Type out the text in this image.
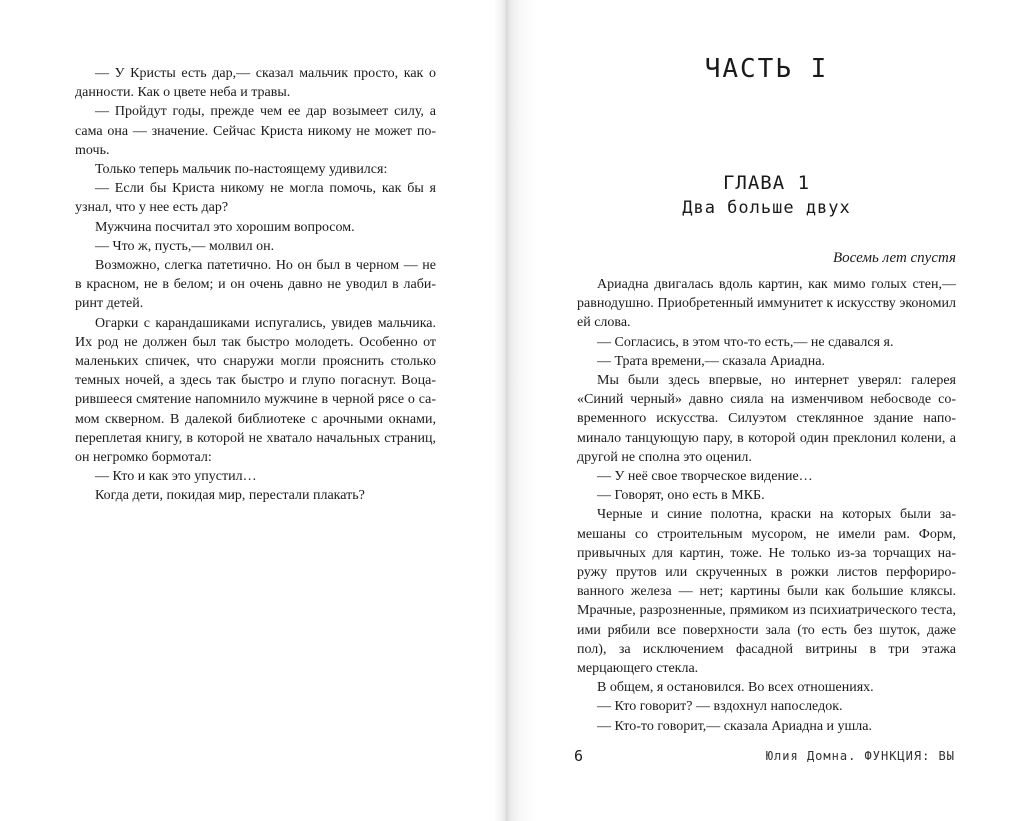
— У Кристы есть дар,— сказал мальчик просто, как о данности. Как о цвете неба и травы.

— Пройдут годы, прежде чем ее дар возымеет силу, а сама она — значение. Сейчас Криста никому не может поmочь.

Только теперь мальчик по-настоящему удивился:

— Если бы Криста никому не могла помочь, как бы я узнал, что у нее есть дар?

Мужчина посчитал это хорошим вопросом.

— Что ж, пусть,— молвил он.

Возможно, слегка патетично. Но он был в черном — не в красном, не в белом; и он очень давно не уводил в лабиринт детей.

Огарки с карандашиками испугались, увидев мальчика. Их род не должен был так быстро молодеть. Особенно от маленьких спичек, что снаружи могли прояснить столько темных ночей, а здесь так быстро и глупо погаснут. Воцарившееся смятение напомнило мужчине в черной рясе о самом скверном. В далекой библиотеке с арочными окнами, переплетая книгу, в которой не хватало начальных страниц, он негромко бормотал:

— Кто и как это упустил…

Когда дети, покидая мир, перестали плакать?

ЧАСТЬ I
ГЛАВА 1
Два больше двух
Восемь лет спустя

Ариадна двигалась вдоль картин, как мимо голых стен,— равнодушно. Приобретенный иммунитет к искусству экономил ей слова.

— Согласись, в этом что-то есть,— не сдавался я.

— Трата времени,— сказала Ариадна.

Мы были здесь впервые, но интернет уверял: галерея «Синий черный» давно сияла на изменчивом небосводе современного искусства. Силуэтом стеклянное здание напоминало танцующую пару, в которой один преклонил колени, а другой не сполна это оценил.

— У неё свое творческое видение…

— Говорят, оно есть в МКБ.

Черные и синие полотна, краски на которых были замешаны со строительным мусором, не имели рам. Форм, привычных для картин, тоже. Не только из-за торчащих наружу прутов или скрученных в рожки листов перфорированного железа — нет; картины были как большие кляксы. Мрачные, разрозненные, прямиком из психиатрического теста, ими рябили все поверхности зала (то есть без шуток, даже пол), за исключением фасадной витрины в три этажа мерцающего стекла.

В общем, я остановился. Во всех отношениях.

— Кто говорит? — вздохнул напоследок.

— Кто-то говорит,— сказала Ариадна и ушла.

6	Юлия Домна. ФУНКЦИЯ: ВЫ
